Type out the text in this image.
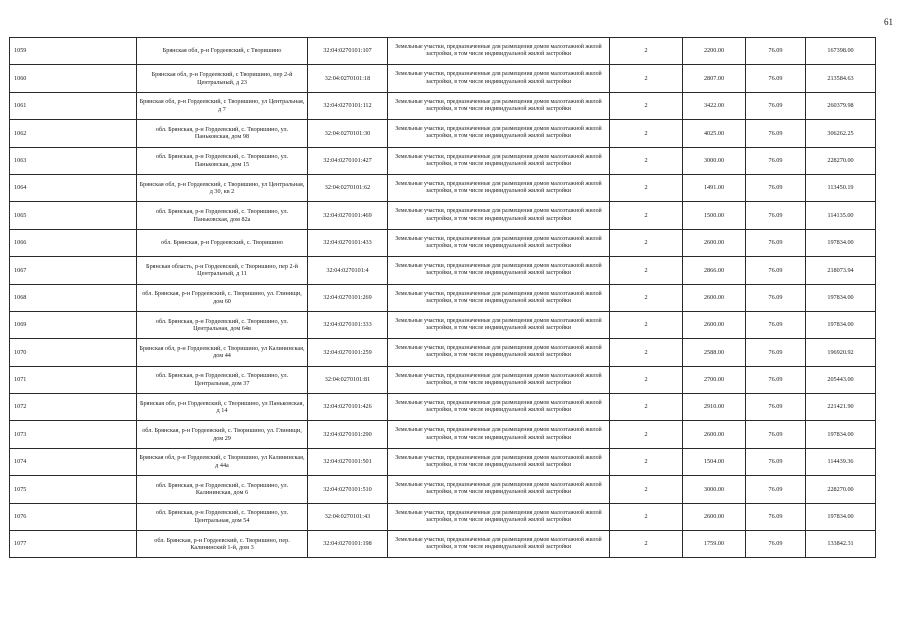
61
1059	Брянская обл, р-н Гордеевский, с Творишино	32:04:0270101:107	Земельные участки, предназначенные для размещения домов малоэтажной жилой застройки, в том числе индивидуальной жилой застройки	2	2200.00	76.09	167398.00
1060	Брянская обл, р-н Гордеевский, с Творишино, пер 2-й Центральный, д 23	32:04:0270101:18	Земельные участки, предназначенные для размещения домов малоэтажной жилой застройки, в том числе индивидуальной жилой застройки	2	2807.00	76.09	213584.63
1061	Брянская обл, р-н Гордеевский, с Творишино, ул Центральная, д 7	32:04:0270101:112	Земельные участки, предназначенные для размещения домов малоэтажной жилой застройки, в том числе индивидуальной жилой застройки	2	3422.00	76.09	260379.98
1062	обл. Брянская, р-н Гордеевский, с. Творишино, ул. Паньковская, дом 98	32:04:0270101:30	Земельные участки, предназначенные для размещения домов малоэтажной жилой застройки, в том числе индивидуальной жилой застройки	2	4025.00	76.09	306262.25
1063	обл. Брянская, р-н Гордеевский, с. Творишино, ул. Паньковская, дом 15	32:04:0270101:427	Земельные участки, предназначенные для размещения домов малоэтажной жилой застройки, в том числе индивидуальной жилой застройки	2	3000.00	76.09	228270.00
1064	Брянская обл, р-н Гордеевский, с Творишино, ул Центральная, д 30, кв 2	32:04:0270101:62	Земельные участки, предназначенные для размещения домов малоэтажной жилой застройки, в том числе индивидуальной жилой застройки	2	1491.00	76.09	113450.19
1065	обл. Брянская, р-н Гордеевский, с. Творишино, ул. Паньковская, дом 82а	32:04:0270101:469	Земельные участки, предназначенные для размещения домов малоэтажной жилой застройки, в том числе индивидуальной жилой застройки	2	1500.00	76.09	114135.00
1066	обл. Брянская, р-н Гордеевский, с. Творишино	32:04:0270101:433	Земельные участки, предназначенные для размещения домов малоэтажной жилой застройки, в том числе индивидуальной жилой застройки	2	2600.00	76.09	197834.00
1067	Брянская область, р-н Гордеевский, с Творишино, пер 2-й Центральный, д 11	32:04:0270101:4	Земельные участки, предназначенные для размещения домов малоэтажной жилой застройки, в том числе индивидуальной жилой застройки	2	2866.00	76.09	218073.94
1068	обл. Брянская, р-н Гордеевский, с. Творишино, ул. Глинищи, дом 60	32:04:0270101:269	Земельные участки, предназначенные для размещения домов малоэтажной жилой застройки, в том числе индивидуальной жилой застройки	2	2600.00	76.09	197834.00
1069	обл. Брянская, р-н Гордеевский, с. Творишино, ул. Центральная, дом 64в	32:04:0270101:333	Земельные участки, предназначенные для размещения домов малоэтажной жилой застройки, в том числе индивидуальной жилой застройки	2	2600.00	76.09	197834.00
1070	Брянская обл, р-н Гордеевский, с Творишино, ул Калининская, дом 44	32:04:0270101:259	Земельные участки, предназначенные для размещения домов малоэтажной жилой застройки, в том числе индивидуальной жилой застройки	2	2588.00	76.09	196920.92
1071	обл. Брянская, р-н Гордеевский, с. Творишино, ул. Центральная, дом 37	32:04:0270101:81	Земельные участки, предназначенные для размещения домов малоэтажной жилой застройки, в том числе индивидуальной жилой застройки	2	2700.00	76.09	205443.00
1072	Брянская обл, р-н Гордеевский, с Творишино, ул Паньковская, д 14	32:04:0270101:426	Земельные участки, предназначенные для размещения домов малоэтажной жилой застройки, в том числе индивидуальной жилой застройки	2	2910.00	76.09	221421.90
1073	обл. Брянская, р-н Гордеевский, с. Творишино, ул. Глинищи, дом 29	32:04:0270101:290	Земельные участки, предназначенные для размещения домов малоэтажной жилой застройки, в том числе индивидуальной жилой застройки	2	2600.00	76.09	197834.00
1074	Брянская обл, р-н Гордеевский, с Творишино, ул Калининская, д 44а	32:04:0270101:501	Земельные участки, предназначенные для размещения домов малоэтажной жилой застройки, в том числе индивидуальной жилой застройки	2	1504.00	76.09	114439.36
1075	обл. Брянская, р-н Гордеевский, с. Творишино, ул. Калининская, дом 6	32:04:0270101:510	Земельные участки, предназначенные для размещения домов малоэтажной жилой застройки, в том числе индивидуальной жилой застройки	2	3000.00	76.09	228270.00
1076	обл. Брянская, р-н Гордеевский, с. Творишино, ул. Центральная, дом 54	32:04:0270101:43	Земельные участки, предназначенные для размещения домов малоэтажной жилой застройки, в том числе индивидуальной жилой застройки	2	2600.00	76.09	197834.00
1077	обл. Брянская, р-н Гордеевский, с. Творишино, пер. Калининский 1-й, дом 3	32:04:0270101:198	Земельные участки, предназначенные для размещения домов малоэтажной жилой застройки, в том числе индивидуальной жилой застройки	2	1759.00	76.09	133842.31
